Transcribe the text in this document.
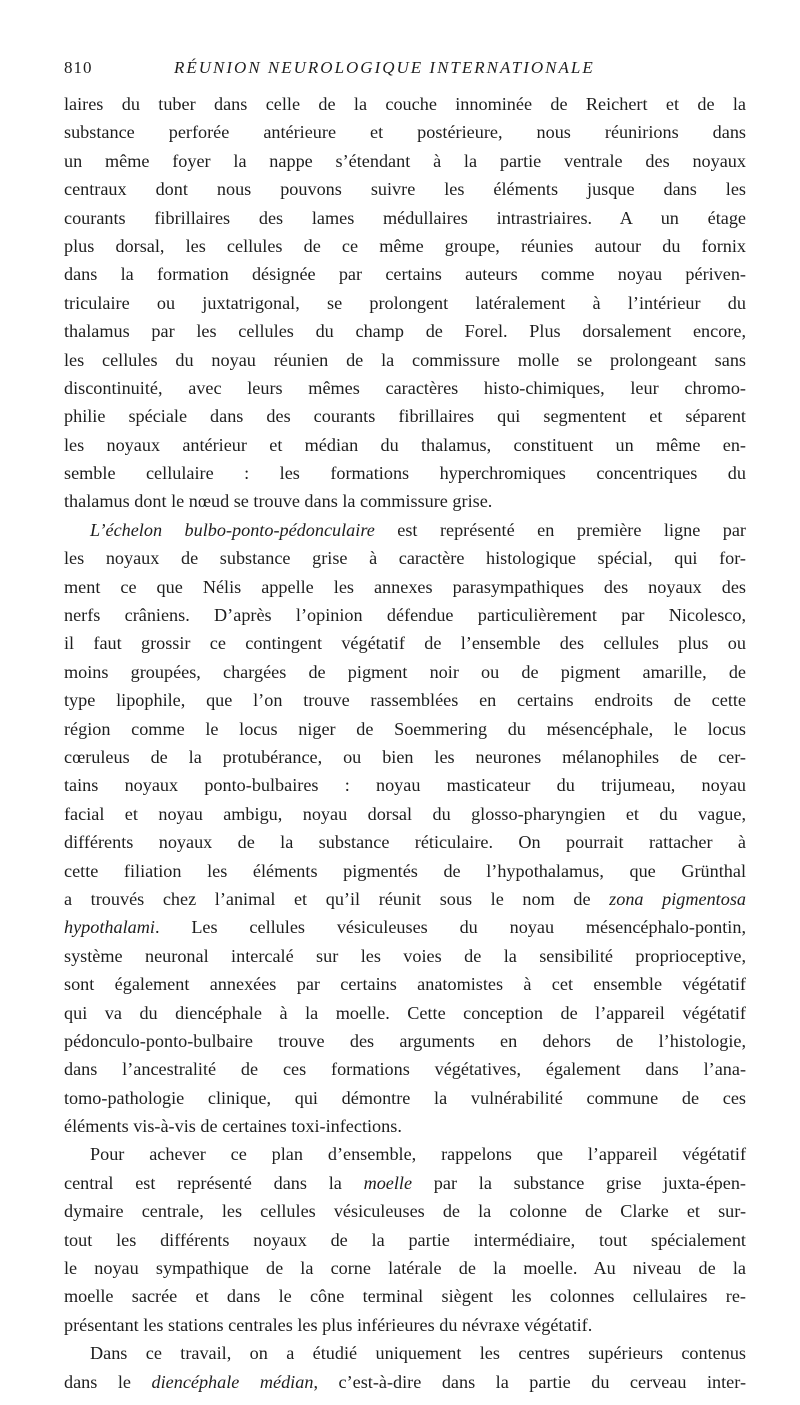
810	RÉUNION NEUROLOGIQUE INTERNATIONALE
laires du tuber dans celle de la couche innominée de Reichert et de la
substance perforée antérieure et postérieure, nous réunirions dans
un même foyer la nappe s’étendant à la partie ventrale des noyaux
centraux dont nous pouvons suivre les éléments jusque dans les
courants fibrillaires des lames médullaires intrastriaires. A un étage
plus dorsal, les cellules de ce même groupe, réunies autour du fornix
dans la formation désignée par certains auteurs comme noyau périven-
triculaire ou juxtatrigonal, se prolongent latéralement à l’intérieur du
thalamus par les cellules du champ de Forel. Plus dorsalement encore,
les cellules du noyau réunien de la commissure molle se prolongeant sans
discontinuité, avec leurs mêmes caractères histo-chimiques, leur chromo-
philie spéciale dans des courants fibrillaires qui segmentent et séparent
les noyaux antérieur et médian du thalamus, constituent un même en-
semble cellulaire : les formations hyperchromiques concentriques du
thalamus dont le nœud se trouve dans la commissure grise.
L’échelon bulbo-ponto-pédonculaire est représenté en première ligne par
les noyaux de substance grise à caractère histologique spécial, qui for-
ment ce que Nélis appelle les annexes parasympathiques des noyaux des
nerfs crâniens. D’après l’opinion défendue particulièrement par Nicolesco,
il faut grossir ce contingent végétatif de l’ensemble des cellules plus ou
moins groupées, chargées de pigment noir ou de pigment amarille, de
type lipophile, que l’on trouve rassemblées en certains endroits de cette
région comme le locus niger de Soemmering du mésencéphale, le locus
cœruleus de la protubérance, ou bien les neurones mélanophiles de cer-
tains noyaux ponto-bulbaires : noyau masticateur du trijumeau, noyau
facial et noyau ambigu, noyau dorsal du glosso-pharyngien et du vague,
différents noyaux de la substance réticulaire. On pourrait rattacher à
cette filiation les éléments pigmentés de l’hypothalamus, que Grünthal
a trouvés chez l’animal et qu’il réunit sous le nom de zona pigmentosa
hypothalami. Les cellules vésiculeuses du noyau mésencéphalo-pontin,
système neuronal intercalé sur les voies de la sensibilité proprioceptive,
sont également annexées par certains anatomistes à cet ensemble végétatif
qui va du diencéphale à la moelle. Cette conception de l’appareil végétatif
pédonculo-ponto-bulbaire trouve des arguments en dehors de l’histologie,
dans l’ancestralité de ces formations végétatives, également dans l’ana-
tomo-pathologie clinique, qui démontre la vulnérabilité commune de ces
éléments vis-à-vis de certaines toxi-infections.
Pour achever ce plan d’ensemble, rappelons que l’appareil végétatif
central est représenté dans la moelle par la substance grise juxta-épen-
dymaire centrale, les cellules vésiculeuses de la colonne de Clarke et sur-
tout les différents noyaux de la partie intermédiaire, tout spécialement
le noyau sympathique de la corne latérale de la moelle. Au niveau de la
moelle sacrée et dans le cône terminal siègent les colonnes cellulaires re-
présentant les stations centrales les plus inférieures du névraxe végétatif.
Dans ce travail, on a étudié uniquement les centres supérieurs contenus
dans le diencéphale médian, c’est-à-dire dans la partie du cerveau inter-
